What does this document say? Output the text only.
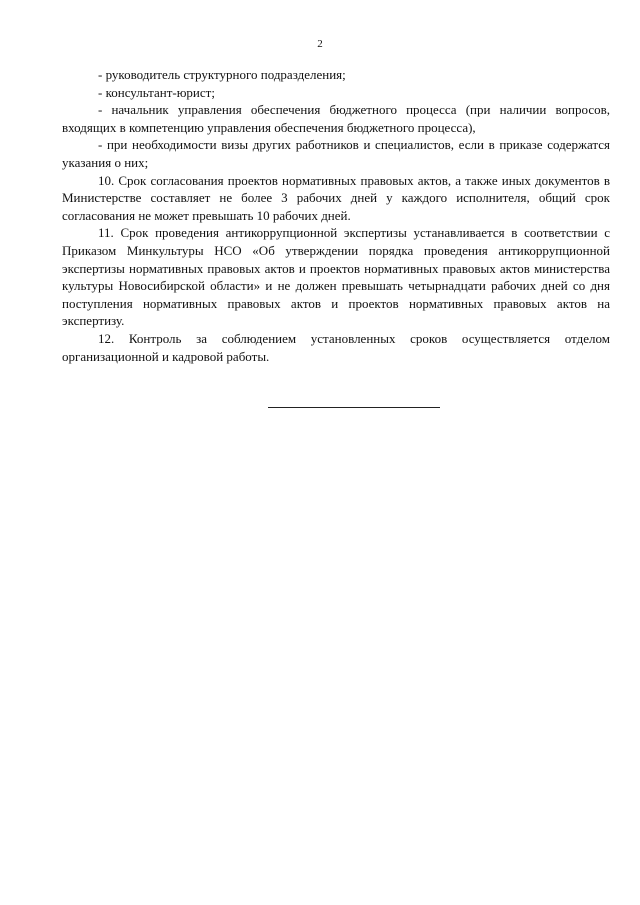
2

- руководитель структурного подразделения;

- консультант-юрист;

- начальник управления обеспечения бюджетного процесса (при наличии вопросов, входящих в компетенцию управления обеспечения бюджетного процесса),

- при необходимости визы других работников и специалистов, если в приказе содержатся указания о них;

10. Срок согласования проектов нормативных правовых актов, а также иных документов в Министерстве составляет не более 3 рабочих дней у каждого исполнителя, общий срок согласования не может превышать 10 рабочих дней.

11. Срок проведения антикоррупционной экспертизы устанавливается в соответствии с Приказом Минкультуры НСО «Об утверждении порядка проведения антикоррупционной экспертизы нормативных правовых актов и проектов нормативных правовых актов министерства культуры Новосибирской области» и не должен превышать четырнадцати рабочих дней со дня поступления нормативных правовых актов и проектов нормативных правовых актов на экспертизу.

12. Контроль за соблюдением установленных сроков осуществляется отделом организационной и кадровой работы.
